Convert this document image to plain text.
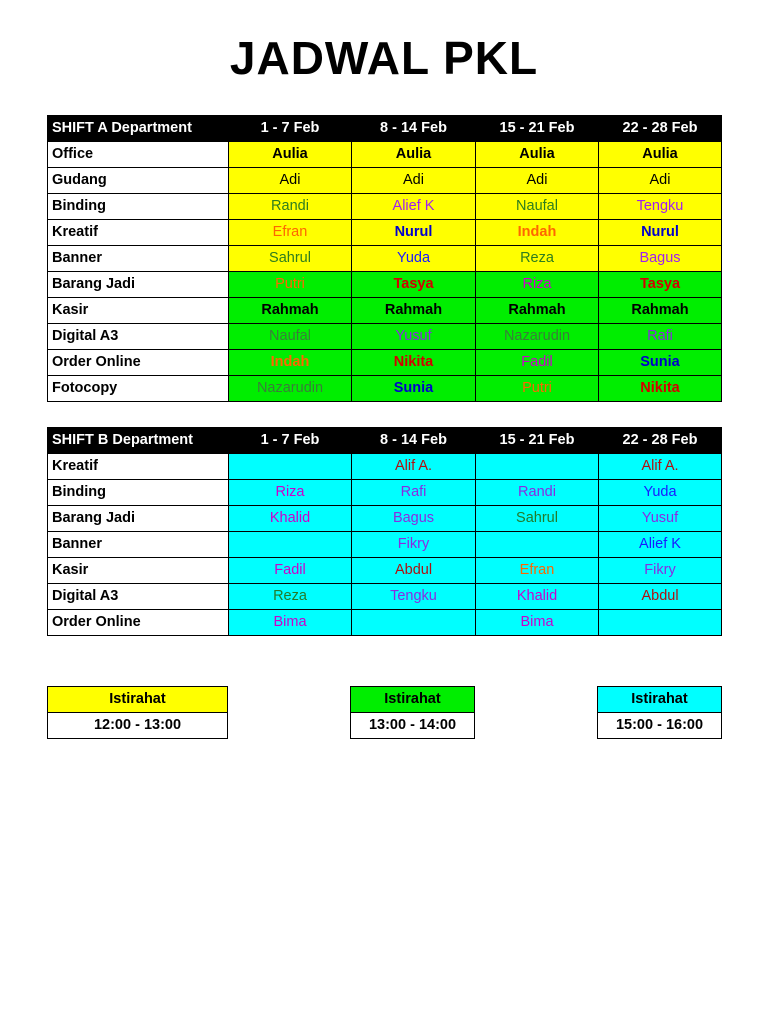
JADWAL PKL
SHIFT A Department	1 - 7 Feb	8 - 14 Feb	15 - 21 Feb	22 - 28 Feb
Office	Aulia	Aulia	Aulia	Aulia
Gudang	Adi	Adi	Adi	Adi
Binding	Randi	Alief K	Naufal	Tengku
Kreatif	Efran	Nurul	Indah	Nurul
Banner	Sahrul	Yuda	Reza	Bagus
Barang Jadi	Putri	Tasya	Riza	Tasya
Kasir	Rahmah	Rahmah	Rahmah	Rahmah
Digital A3	Naufal	Yusuf	Nazarudin	Rafi
Order Online	Indah	Nikita	Fadil	Sunia
Fotocopy	Nazarudin	Sunia	Putri	Nikita
SHIFT B Department	1 - 7 Feb	8 - 14 Feb	15 - 21 Feb	22 - 28 Feb
Kreatif		Alif A.		Alif A.
Binding	Riza	Rafi	Randi	Yuda
Barang Jadi	Khalid	Bagus	Sahrul	Yusuf
Banner		Fikry		Alief K
Kasir	Fadil	Abdul	Efran	Fikry
Digital A3	Reza	Tengku	Khalid	Abdul
Order Online	Bima		Bima	
Istirahat
12:00 - 13:00
Istirahat
13:00 - 14:00
Istirahat
15:00 - 16:00
